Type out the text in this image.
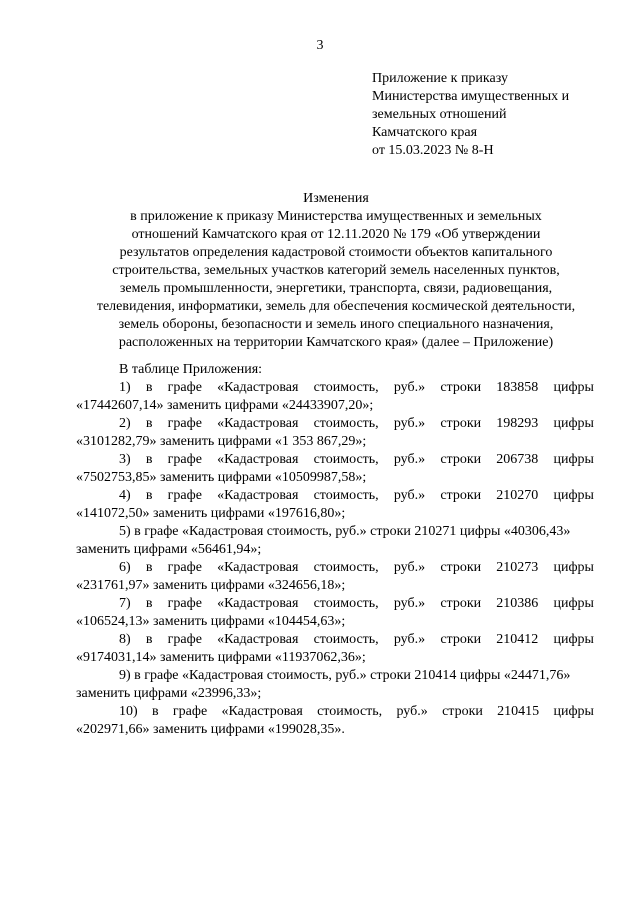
3
Приложение к приказу
Министерства имущественных и
земельных отношений
Камчатского края
от 15.03.2023 № 8-Н
Изменения
в приложение к приказу Министерства имущественных и земельных
отношений Камчатского края от 12.11.2020 № 179 «Об утверждении
результатов определения кадастровой стоимости объектов капитального
строительства, земельных участков категорий земель населенных пунктов,
земель промышленности, энергетики, транспорта, связи, радиовещания,
телевидения, информатики, земель для обеспечения космической деятельности,
земель обороны, безопасности и земель иного специального назначения,
расположенных на территории Камчатского края» (далее – Приложение)
В таблице Приложения:
1) в графе «Кадастровая стоимость, руб.» строки 183858 цифры
«17442607,14» заменить цифрами «24433907,20»;
2) в графе «Кадастровая стоимость, руб.» строки 198293 цифры
«3101282,79» заменить цифрами «1 353 867,29»;
3) в графе «Кадастровая стоимость, руб.» строки 206738 цифры
«7502753,85» заменить цифрами «10509987,58»;
4) в графе «Кадастровая стоимость, руб.» строки 210270 цифры
«141072,50» заменить цифрами «197616,80»;
5) в графе «Кадастровая стоимость, руб.» строки 210271 цифры «40306,43»
заменить цифрами «56461,94»;
6) в графе «Кадастровая стоимость, руб.» строки 210273 цифры
«231761,97» заменить цифрами «324656,18»;
7) в графе «Кадастровая стоимость, руб.» строки 210386 цифры
«106524,13» заменить цифрами «104454,63»;
8) в графе «Кадастровая стоимость, руб.» строки 210412 цифры
«9174031,14» заменить цифрами «11937062,36»;
9) в графе «Кадастровая стоимость, руб.» строки 210414 цифры «24471,76»
заменить цифрами «23996,33»;
10) в графе «Кадастровая стоимость, руб.» строки 210415 цифры
«202971,66» заменить цифрами «199028,35».
